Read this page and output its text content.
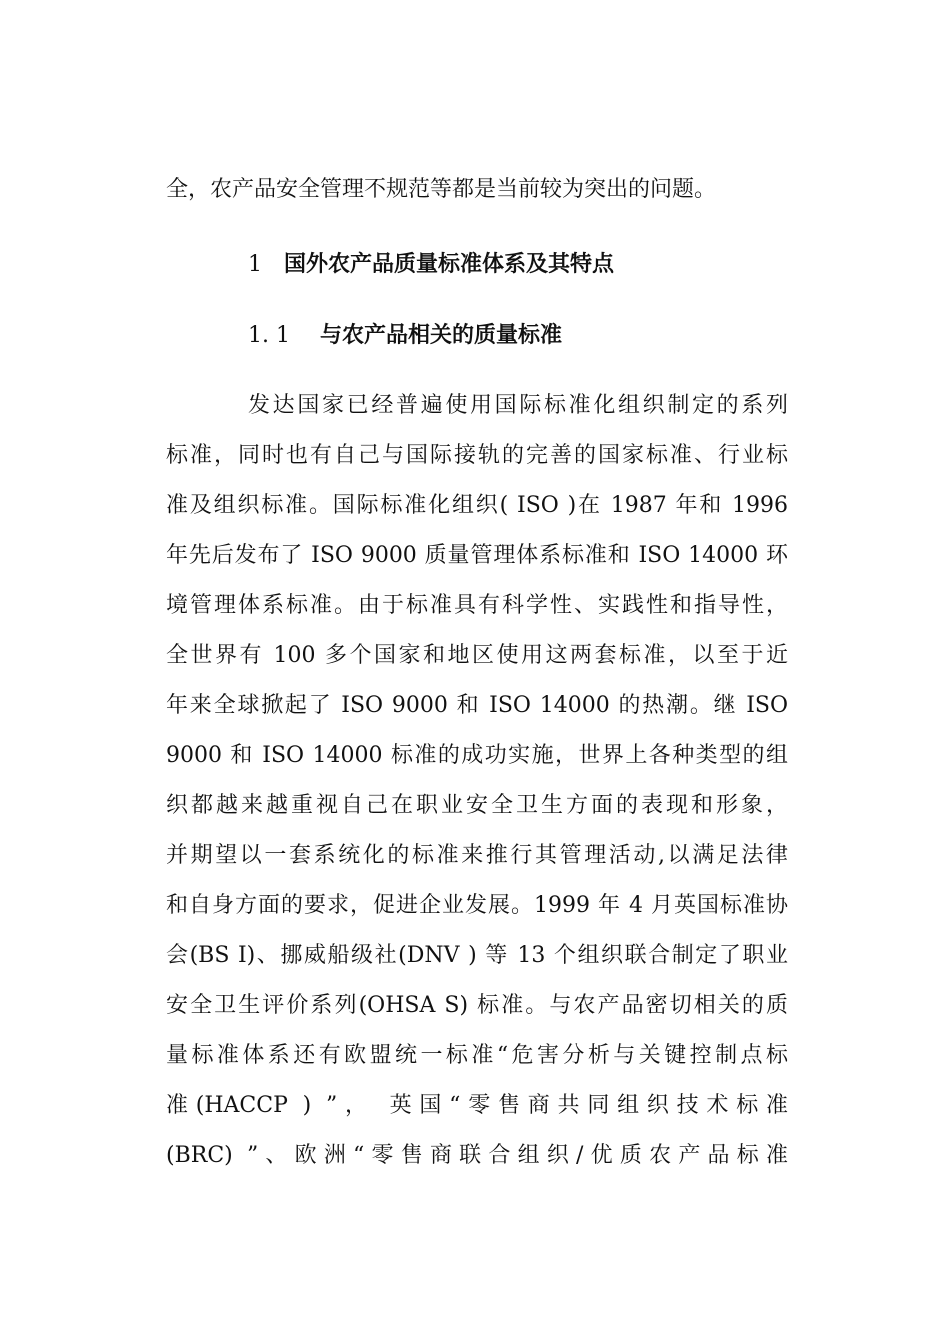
全，农产品安全管理不规范等都是当前较为突出的问题。
1 国外农产品质量标准体系及其特点
1. 1 与农产品相关的质量标准
发达国家已经普遍使用国际标准化组织制定的系列
标准，同时也有自己与国际接轨的完善的国家标准、行业标
准及组织标准。国际标准化组织( ISO )在 1987 年和 1996
年先后发布了 ISO 9000 质量管理体系标准和 ISO 14000 环
境管理体系标准。由于标准具有科学性、实践性和指导性，
全世界有 100 多个国家和地区使用这两套标准，以至于近
年来全球掀起了 ISO 9000 和 ISO 14000 的热潮。继 ISO
9000 和 ISO 14000 标准的成功实施，世界上各种类型的组
织都越来越重视自己在职业安全卫生方面的表现和形象，
并期望以一套系统化的标准来推行其管理活动,以满足法律
和自身方面的要求，促进企业发展。1999 年 4 月英国标准协
会(BS I)、挪威船级社(DNV ) 等 13 个组织联合制定了职业
安全卫生评价系列(OHSA S) 标准。与农产品密切相关的质
量标准体系还有欧盟统一标准“危害分析与关键控制点标
准(HACCP ) ”， 英国“零售商共同组织技术标准
(BRC) ”、欧洲“零售商联合组织/优质农产品标准
